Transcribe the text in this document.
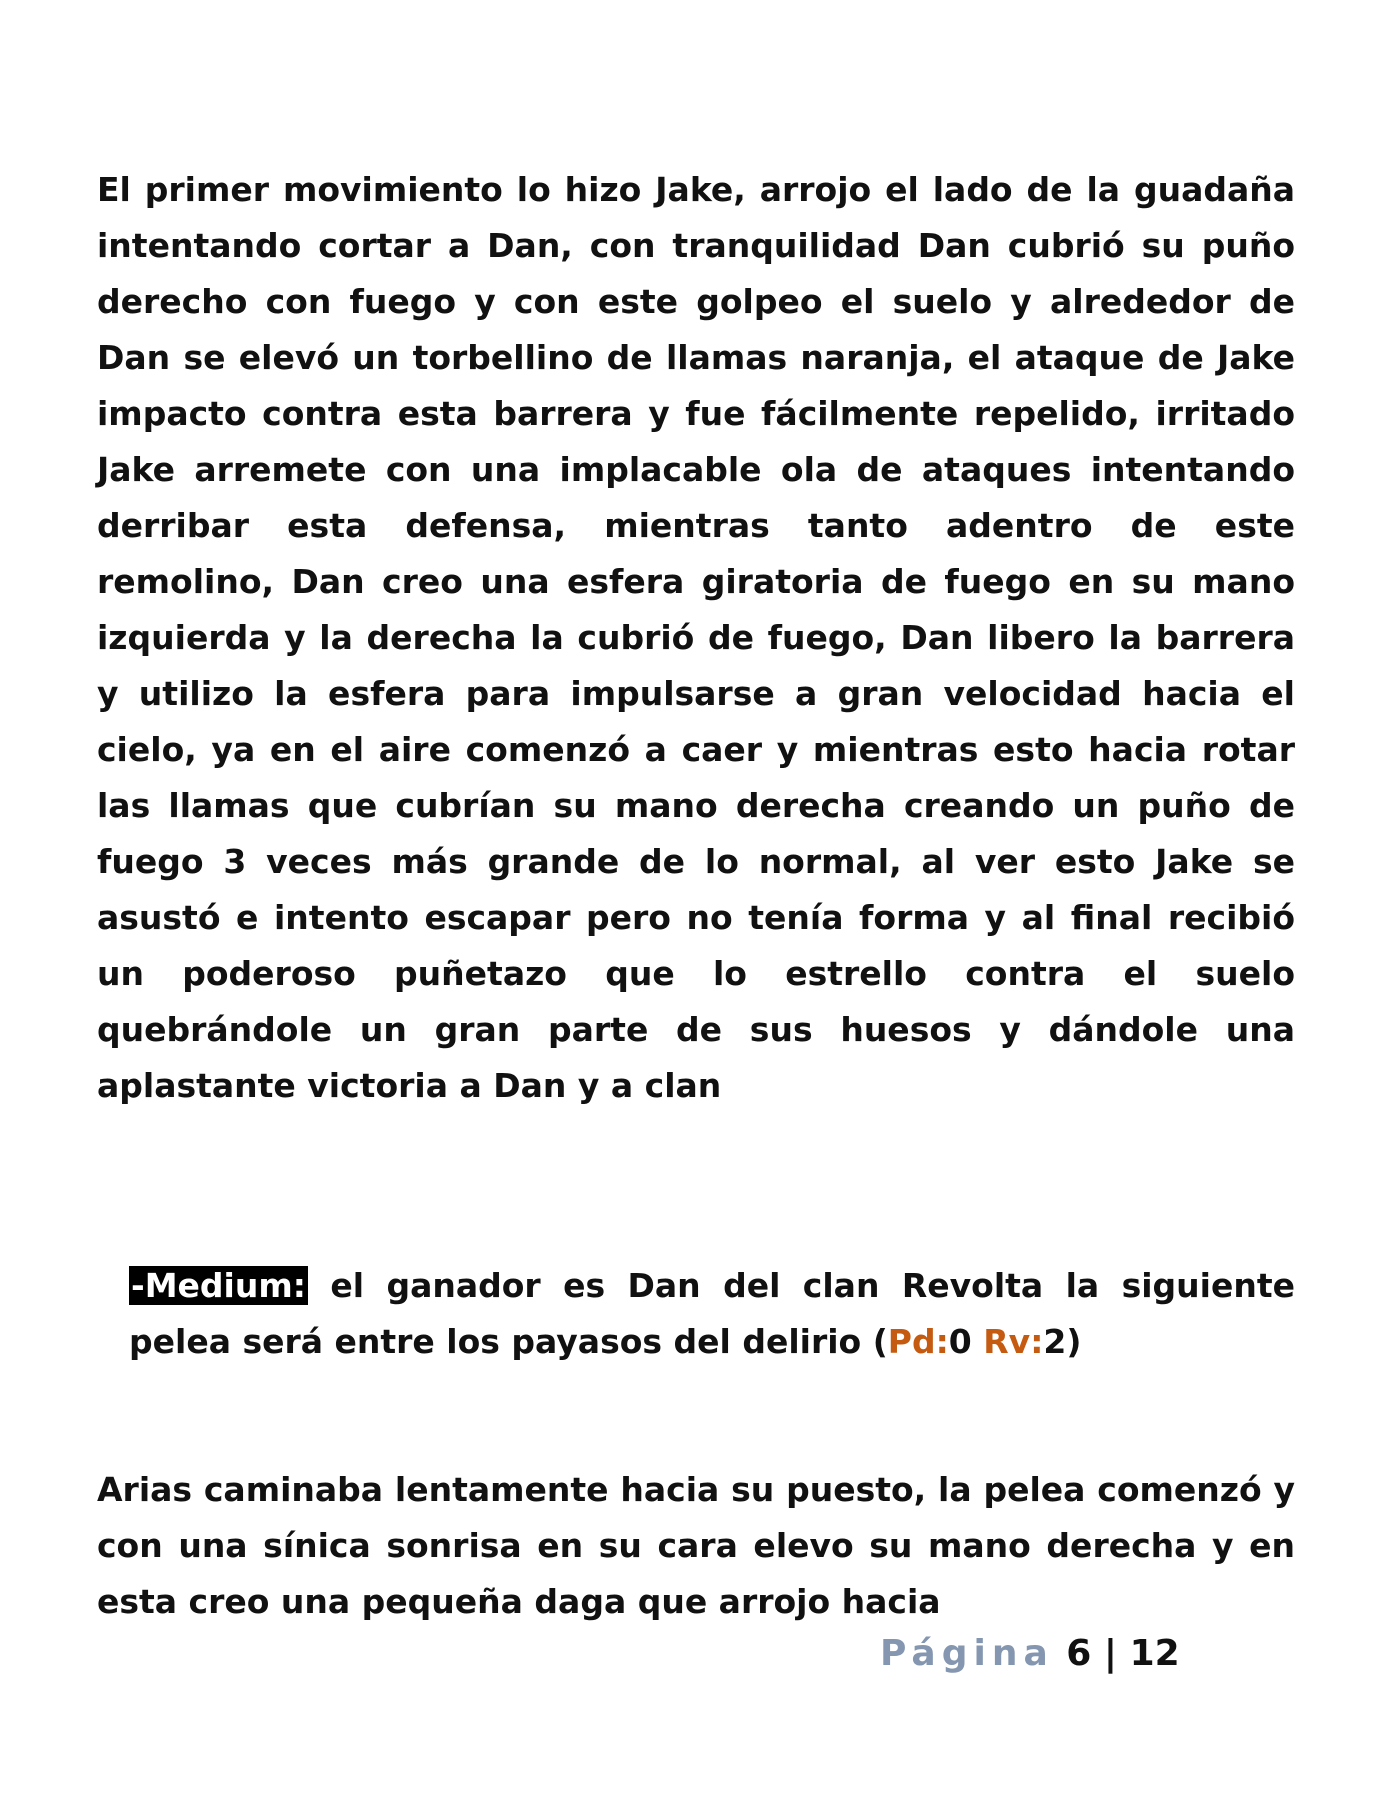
El primer movimiento lo hizo Jake, arrojo el lado de la guadaña intentando cortar a Dan, con tranquilidad Dan cubrió su puño derecho con fuego y con este golpeo el suelo y alrededor de Dan se elevó un torbellino de llamas naranja, el ataque de Jake impacto contra esta barrera y fue fácilmente repelido, irritado Jake arremete con una implacable ola de ataques intentando derribar esta defensa, mientras tanto adentro de este remolino, Dan creo una esfera giratoria de fuego en su mano izquierda y la derecha la cubrió de fuego, Dan libero la barrera y utilizo la esfera para impulsarse a gran velocidad hacia el cielo, ya en el aire comenzó a caer y mientras esto hacia rotar las llamas que cubrían su mano derecha creando un puño de fuego 3 veces más grande de lo normal, al ver esto Jake se asustó e intento escapar pero no tenía forma y al final recibió un poderoso puñetazo que lo estrello contra el suelo quebrándole un gran parte de sus huesos y dándole una aplastante victoria a Dan y a clan

-Medium: el ganador es Dan del clan Revolta la siguiente pelea será entre los payasos del delirio (Pd:0 Rv:2)

Arias caminaba lentamente hacia su puesto, la pelea comenzó y con una sínica sonrisa en su cara elevo su mano derecha y en esta creo una pequeña daga que arrojo hacia

Página 6 | 12
